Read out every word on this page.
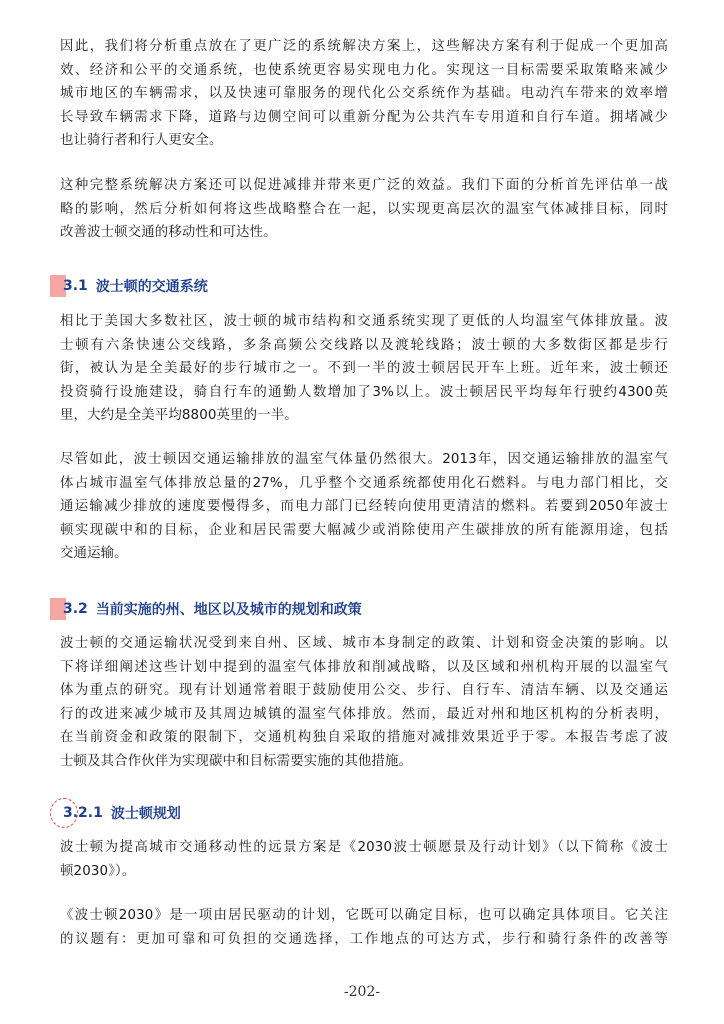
因此，我们将分析重点放在了更广泛的系统解决方案上，这些解决方案有利于促成一个更加高
效、经济和公平的交通系统，也使系统更容易实现电力化。实现这一目标需要采取策略来减少
城市地区的车辆需求，以及快速可靠服务的现代化公交系统作为基础。电动汽车带来的效率增
长导致车辆需求下降，道路与边侧空间可以重新分配为公共汽车专用道和自行车道。拥堵减少
也让骑行者和行人更安全。
这种完整系统解决方案还可以促进减排并带来更广泛的效益。我们下面的分析首先评估单一战
略的影响，然后分析如何将这些战略整合在一起，以实现更高层次的温室气体减排目标，同时
改善波士顿交通的移动性和可达性。
3.1 波士顿的交通系统
相比于美国大多数社区，波士顿的城市结构和交通系统实现了更低的人均温室气体排放量。波
士顿有六条快速公交线路，多条高频公交线路以及渡轮线路；波士顿的大多数街区都是步行
街，被认为是全美最好的步行城市之一。不到一半的波士顿居民开车上班。近年来，波士顿还
投资骑行设施建设，骑自行车的通勤人数增加了3%以上。波士顿居民平均每年行驶约4300英
里，大约是全美平均8800英里的一半。
尽管如此，波士顿因交通运输排放的温室气体量仍然很大。2013年，因交通运输排放的温室气
体占城市温室气体排放总量的27%，几乎整个交通系统都使用化石燃料。与电力部门相比，交
通运输减少排放的速度要慢得多，而电力部门已经转向使用更清洁的燃料。若要到2050年波士
顿实现碳中和的目标，企业和居民需要大幅减少或消除使用产生碳排放的所有能源用途，包括
交通运输。
3.2 当前实施的州、地区以及城市的规划和政策
波士顿的交通运输状况受到来自州、区域、城市本身制定的政策、计划和资金决策的影响。以
下将详细阐述这些计划中提到的温室气体排放和削减战略，以及区域和州机构开展的以温室气
体为重点的研究。现有计划通常着眼于鼓励使用公交、步行、自行车、清洁车辆、以及交通运
行的改进来减少城市及其周边城镇的温室气体排放。然而，最近对州和地区机构的分析表明，
在当前资金和政策的限制下，交通机构独自采取的措施对减排效果近乎于零。本报告考虑了波
士顿及其合作伙伴为实现碳中和目标需要实施的其他措施。
3.2.1 波士顿规划
波士顿为提高城市交通移动性的远景方案是《2030波士顿愿景及行动计划》（以下简称《波士
顿2030》）。
《波士顿2030》是一项由居民驱动的计划，它既可以确定目标，也可以确定具体项目。它关注
的议题有：更加可靠和可负担的交通选择，工作地点的可达方式，步行和骑行条件的改善等
-202-
